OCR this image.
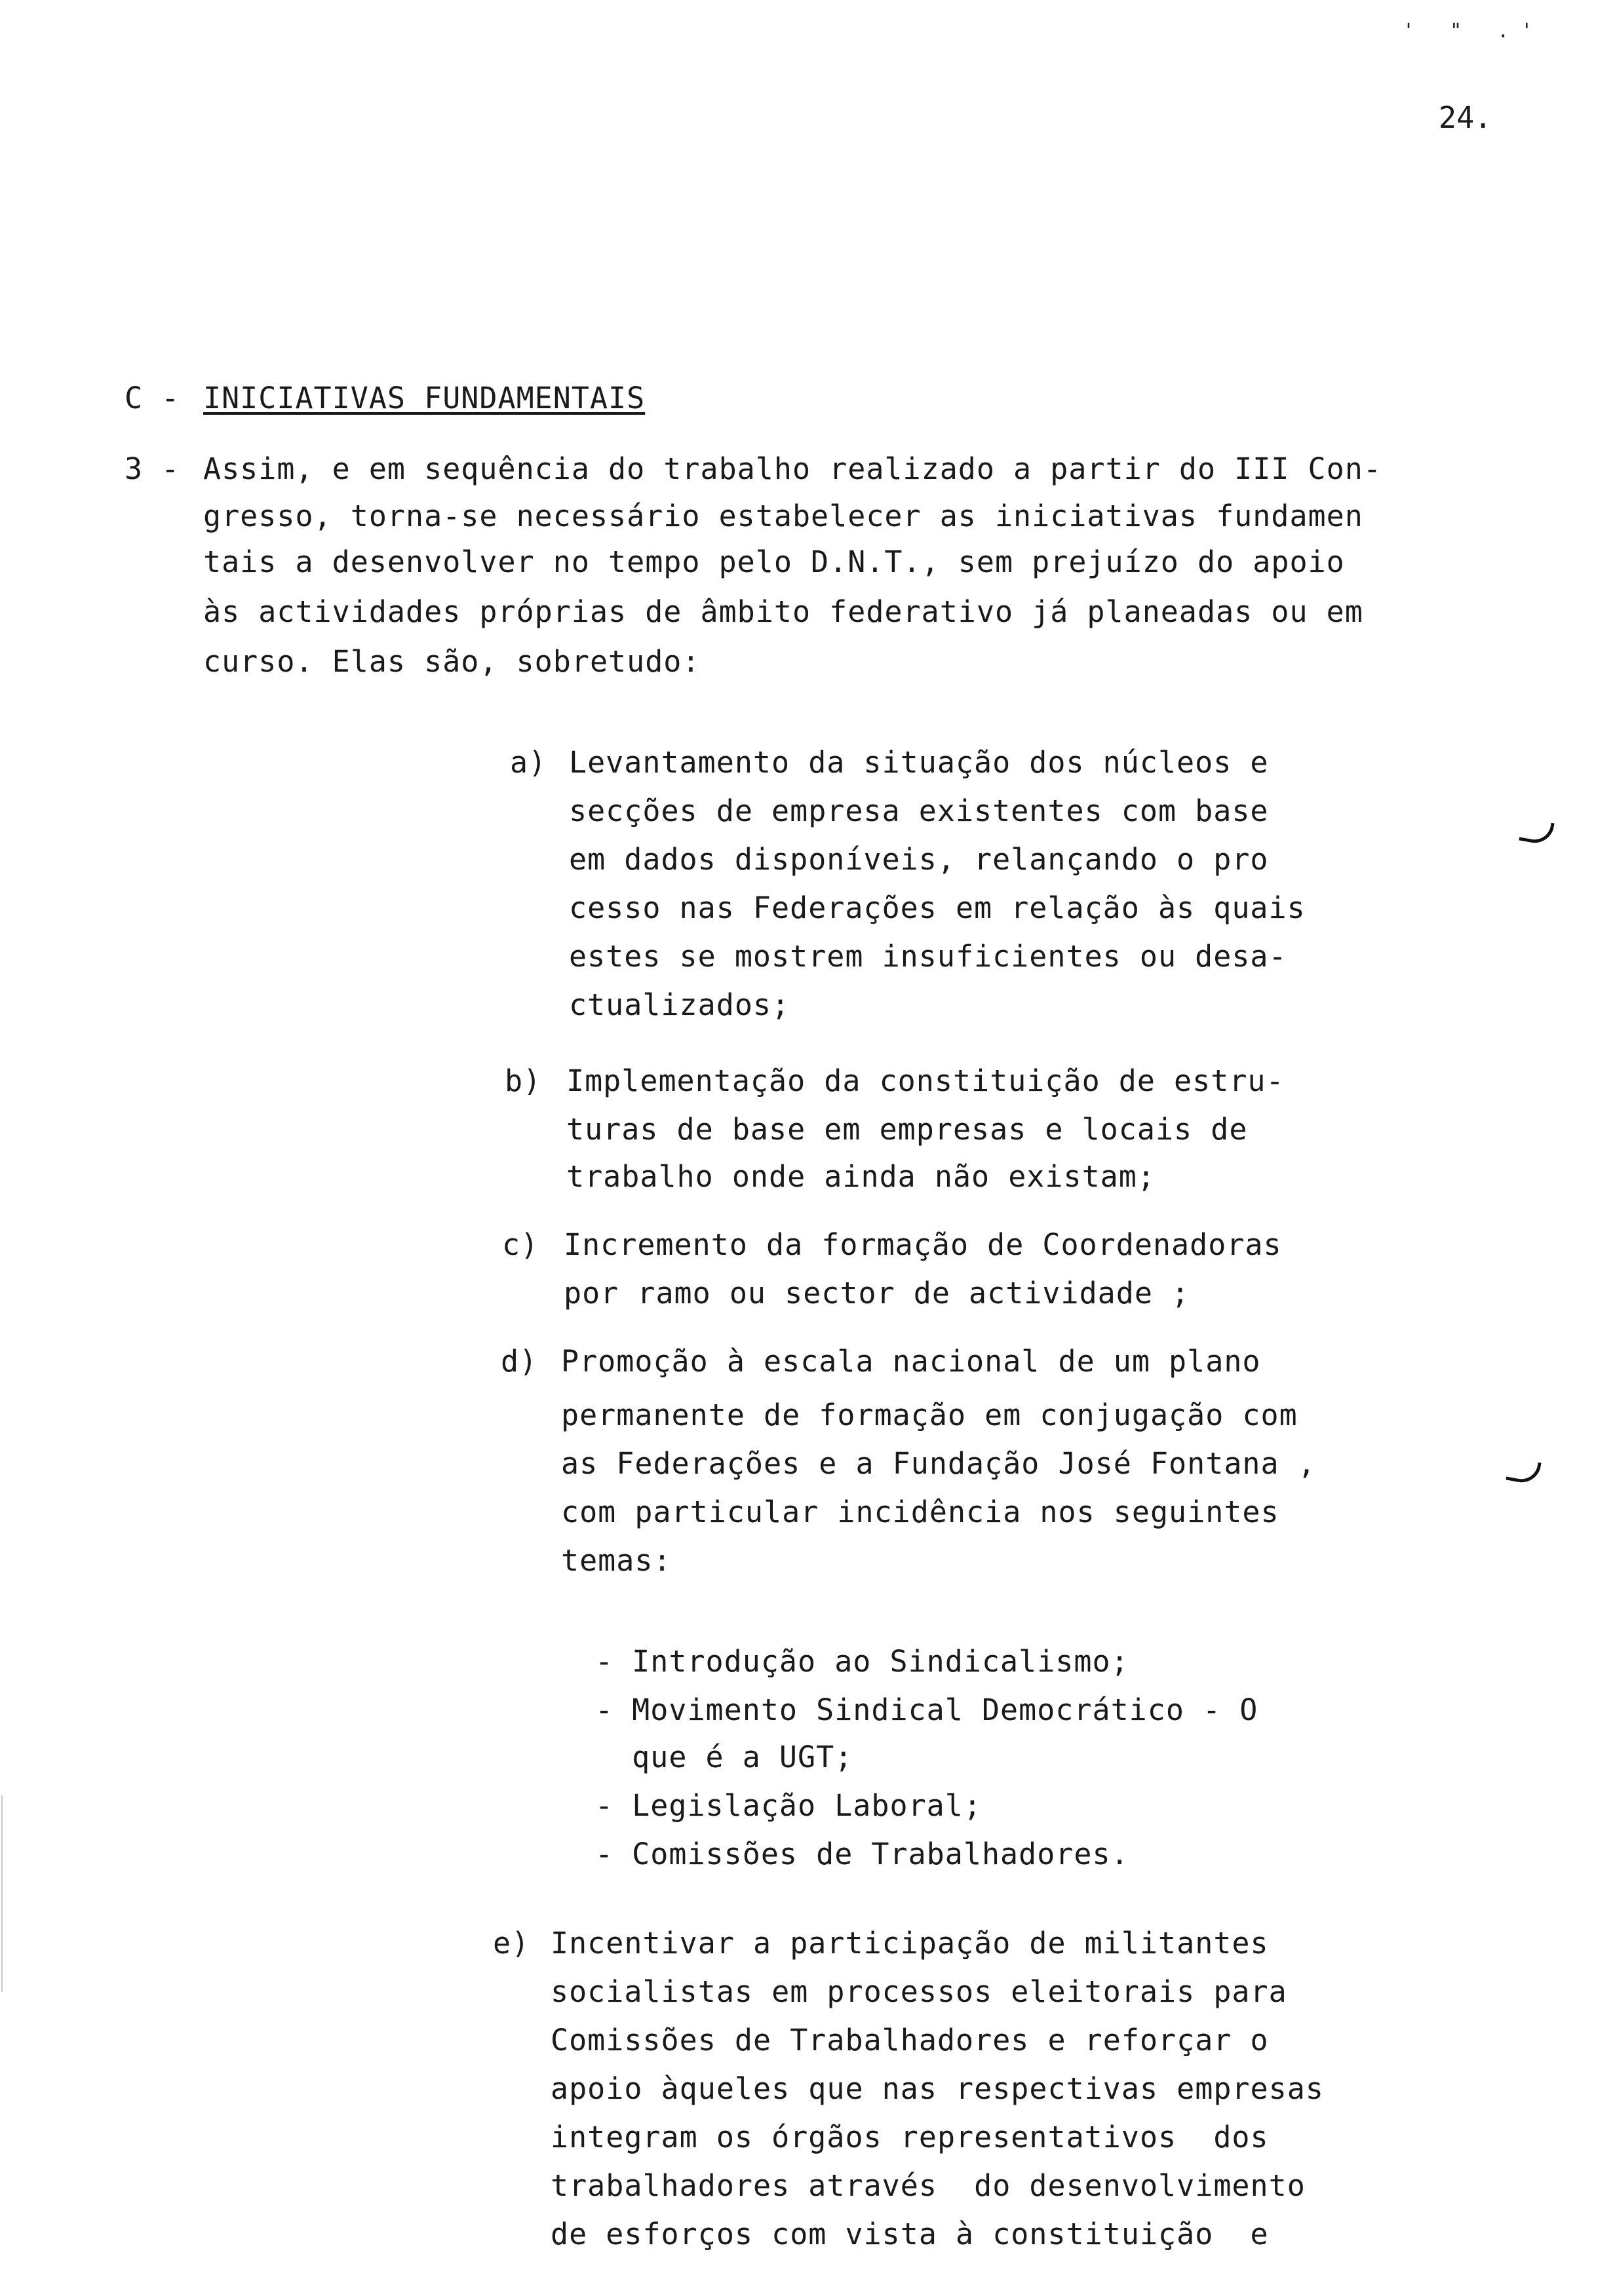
' " .'
24.
C - INICIATIVAS FUNDAMENTAIS
3 - Assim, e em sequência do trabalho realizado a partir do III Con-
gresso, torna-se necessário estabelecer as iniciativas fundamen
tais a desenvolver no tempo pelo D.N.T., sem prejuízo do apoio
às actividades próprias de âmbito federativo já planeadas ou em
curso. Elas são, sobretudo:
a) Levantamento da situação dos núcleos e
secções de empresa existentes com base
em dados disponíveis, relançando o pro
cesso nas Federações em relação às quais
estes se mostrem insuficientes ou desa-
ctualizados;
b) Implementação da constituição de estru-
turas de base em empresas e locais de
trabalho onde ainda não existam;
c) Incremento da formação de Coordenadoras
por ramo ou sector de actividade ;
d) Promoção à escala nacional de um plano
permanente de formação em conjugação com
as Federações e a Fundação José Fontana ,
com particular incidência nos seguintes
temas:
- Introdução ao Sindicalismo;
- Movimento Sindical Democrático - O
que é a UGT;
- Legislação Laboral;
- Comissões de Trabalhadores.
e) Incentivar a participação de militantes
socialistas em processos eleitorais para
Comissões de Trabalhadores e reforçar o
apoio àqueles que nas respectivas empresas
integram os órgãos representativos  dos
trabalhadores através  do desenvolvimento
de esforços com vista à constituição  e
